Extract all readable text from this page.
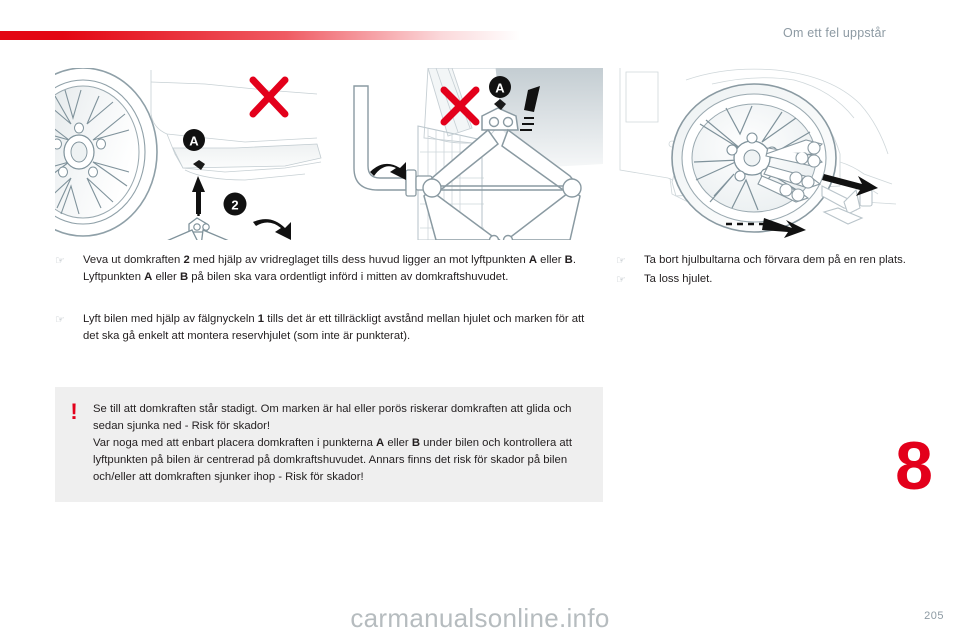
Om ett fel uppstår
A
2
A
☞	Veva ut domkraften 2 med hjälp av vridreglaget tills dess huvud ligger an mot lyftpunkten A eller B. Lyftpunkten A eller B på bilen ska vara ordentligt införd i mitten av domkraftshuvudet.
☞	Lyft bilen med hjälp av fälgnyckeln 1 tills det är ett tillräckligt avstånd mellan hjulet och marken för att det ska gå enkelt att montera reservhjulet (som inte är punkterat).
☞	Ta bort hjulbultarna och förvara dem på en ren plats.
☞	Ta loss hjulet.
!	Se till att domkraften står stadigt. Om marken är hal eller porös riskerar domkraften att glida och sedan sjunka ned - Risk för skador!

Var noga med att enbart placera domkraften i punkterna A eller B under bilen och kontrollera att lyftpunkten på bilen är centrerad på domkraftshuvudet. Annars finns det risk för skador på bilen och/eller att domkraften sjunker ihop - Risk för skador!	8
carmanualsonline.info	205
